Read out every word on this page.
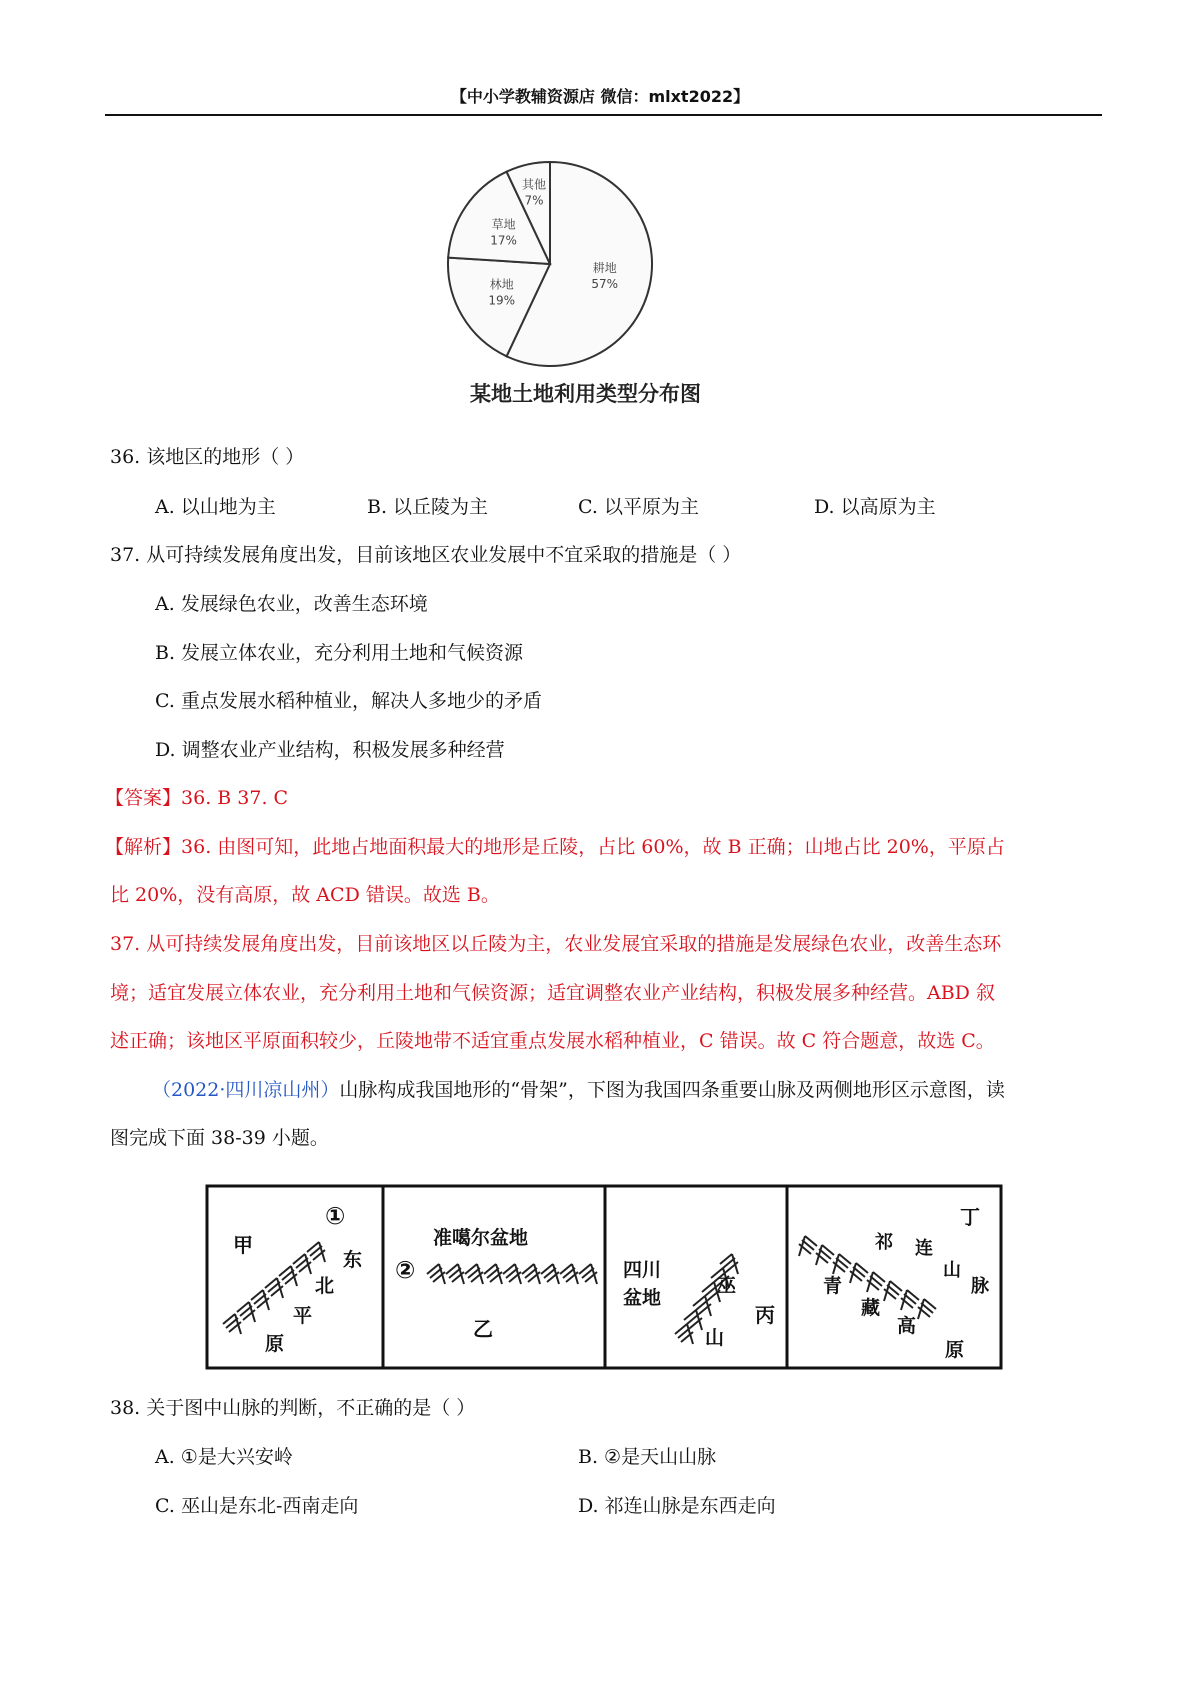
【中小学教辅资源店 微信：mlxt2022】
耕地
57%
林地
19%
草地
17%
其他
7%
某地土地利用类型分布图
36. 该地区的地形（ ）
A. 以山地为主	B. 以丘陵为主	C. 以平原为主	D. 以高原为主
37. 从可持续发展角度出发，目前该地区农业发展中不宜采取的措施是（ ）
A. 发展绿色农业，改善生态环境
B. 发展立体农业，充分利用土地和气候资源
C. 重点发展水稻种植业，解决人多地少的矛盾
D. 调整农业产业结构，积极发展多种经营
【答案】36. B 37. C
【解析】36. 由图可知，此地占地面积最大的地形是丘陵，占比 60%，故 B 正确；山地占比 20%，平原占
比 20%，没有高原，故 ACD 错误。故选 B。
37. 从可持续发展角度出发，目前该地区以丘陵为主，农业发展宜采取的措施是发展绿色农业，改善生态环
境；适宜发展立体农业，充分利用土地和气候资源；适宜调整农业产业结构，积极发展多种经营。ABD 叙
述正确；该地区平原面积较少，丘陵地带不适宜重点发展水稻种植业，C 错误。故 C 符合题意，故选 C。
（2022·四川凉山州）山脉构成我国地形的“骨架”，下图为我国四条重要山脉及两侧地形区示意图，读
图完成下面 38-39 小题。
甲
①
东
北
平
原
准噶尔盆地
②
乙
四川
盆地
巫
山
丙
丁
祁 连
山
脉
青
藏
高
原
38. 关于图中山脉的判断，不正确的是（ ）
A. ①是大兴安岭	B. ②是天山山脉
C. 巫山是东北-西南走向	D. 祁连山脉是东西走向
